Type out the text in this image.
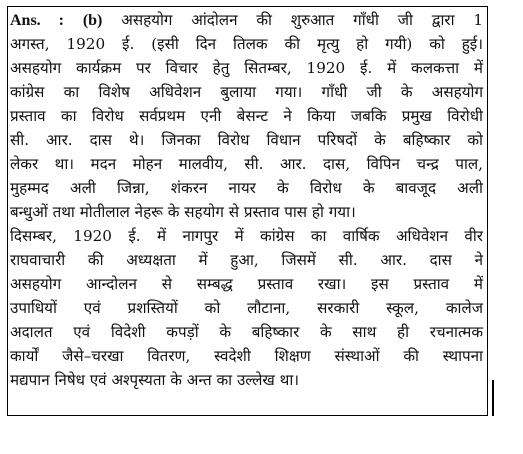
Ans. : (b) असहयोग आंदोलन की शुरुआत गाँधी जी द्वारा 1
अगस्त, 1920 ई. (इसी दिन तिलक की मृत्यु हो गयी) को हुई।
असहयोग कार्यक्रम पर विचार हेतु सितम्बर, 1920 ई. में कलकत्ता में
कांग्रेस का विशेष अधिवेशन बुलाया गया। गाँधी जी के असहयोग
प्रस्ताव का विरोध सर्वप्रथम एनी बेसन्ट ने किया जबकि प्रमुख विरोधी
सी. आर. दास थे। जिनका विरोध विधान परिषदों के बहिष्कार को
लेकर था। मदन मोहन मालवीय, सी. आर. दास, विपिन चन्द्र पाल,
मुहम्मद अली जिन्ना, शंकरन नायर के विरोध के बावजूद अली
बन्धुओं तथा मोतीलाल नेहरू के सहयोग से प्रस्ताव पास हो गया।
दिसम्बर, 1920 ई. में नागपुर में कांग्रेस का वार्षिक अधिवेशन वीर
राघवाचारी की अध्यक्षता में हुआ, जिसमें सी. आर. दास ने
असहयोग आन्दोलन से सम्बद्ध प्रस्ताव रखा। इस प्रस्ताव में
उपाधियों एवं प्रशस्तियों को लौटाना, सरकारी स्कूल, कालेज
अदालत एवं विदेशी कपड़ों के बहिष्कार के साथ ही रचनात्मक
कार्यों जैसे–चरखा वितरण, स्वदेशी शिक्षण संस्थाओं की स्थापना
मद्यपान निषेध एवं अश्पृस्यता के अन्त का उल्लेख था।
